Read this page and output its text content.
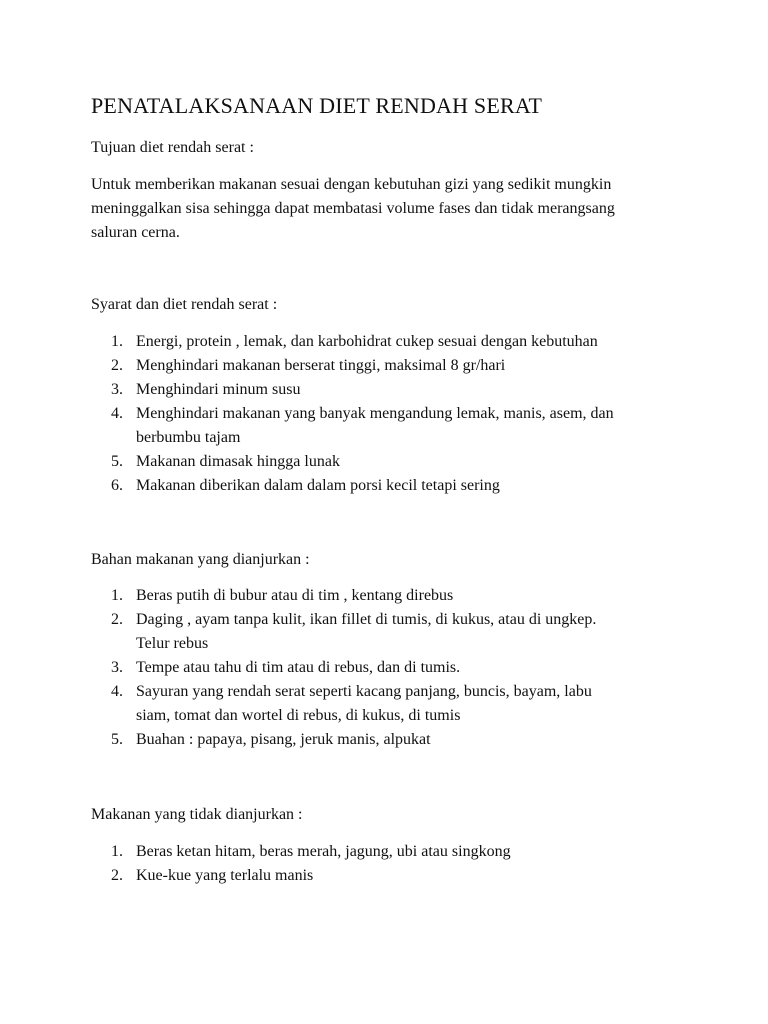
PENATALAKSANAAN DIET RENDAH SERAT

Tujuan diet rendah serat :

Untuk memberikan makanan sesuai dengan kebutuhan gizi yang sedikit mungkin
meninggalkan sisa sehingga dapat membatasi volume fases dan tidak merangsang
saluran cerna.

Syarat dan diet rendah serat :

1. Energi, protein , lemak, dan karbohidrat cukep sesuai dengan kebutuhan
2. Menghindari makanan berserat tinggi, maksimal 8 gr/hari
3. Menghindari minum susu
4. Menghindari makanan yang banyak mengandung lemak, manis, asem, dan
berbumbu tajam
5. Makanan dimasak hingga lunak
6. Makanan diberikan dalam dalam porsi kecil tetapi sering

Bahan makanan yang dianjurkan :

1. Beras putih di bubur atau di tim , kentang direbus
2. Daging , ayam tanpa kulit, ikan fillet di tumis, di kukus, atau di ungkep.
Telur rebus
3. Tempe atau tahu di tim atau di rebus, dan di tumis.
4. Sayuran yang rendah serat seperti kacang panjang, buncis, bayam, labu
siam, tomat dan wortel di rebus, di kukus, di tumis
5. Buahan : papaya, pisang, jeruk manis, alpukat

Makanan yang tidak dianjurkan :

1. Beras ketan hitam, beras merah, jagung, ubi atau singkong
2. Kue-kue yang terlalu manis
